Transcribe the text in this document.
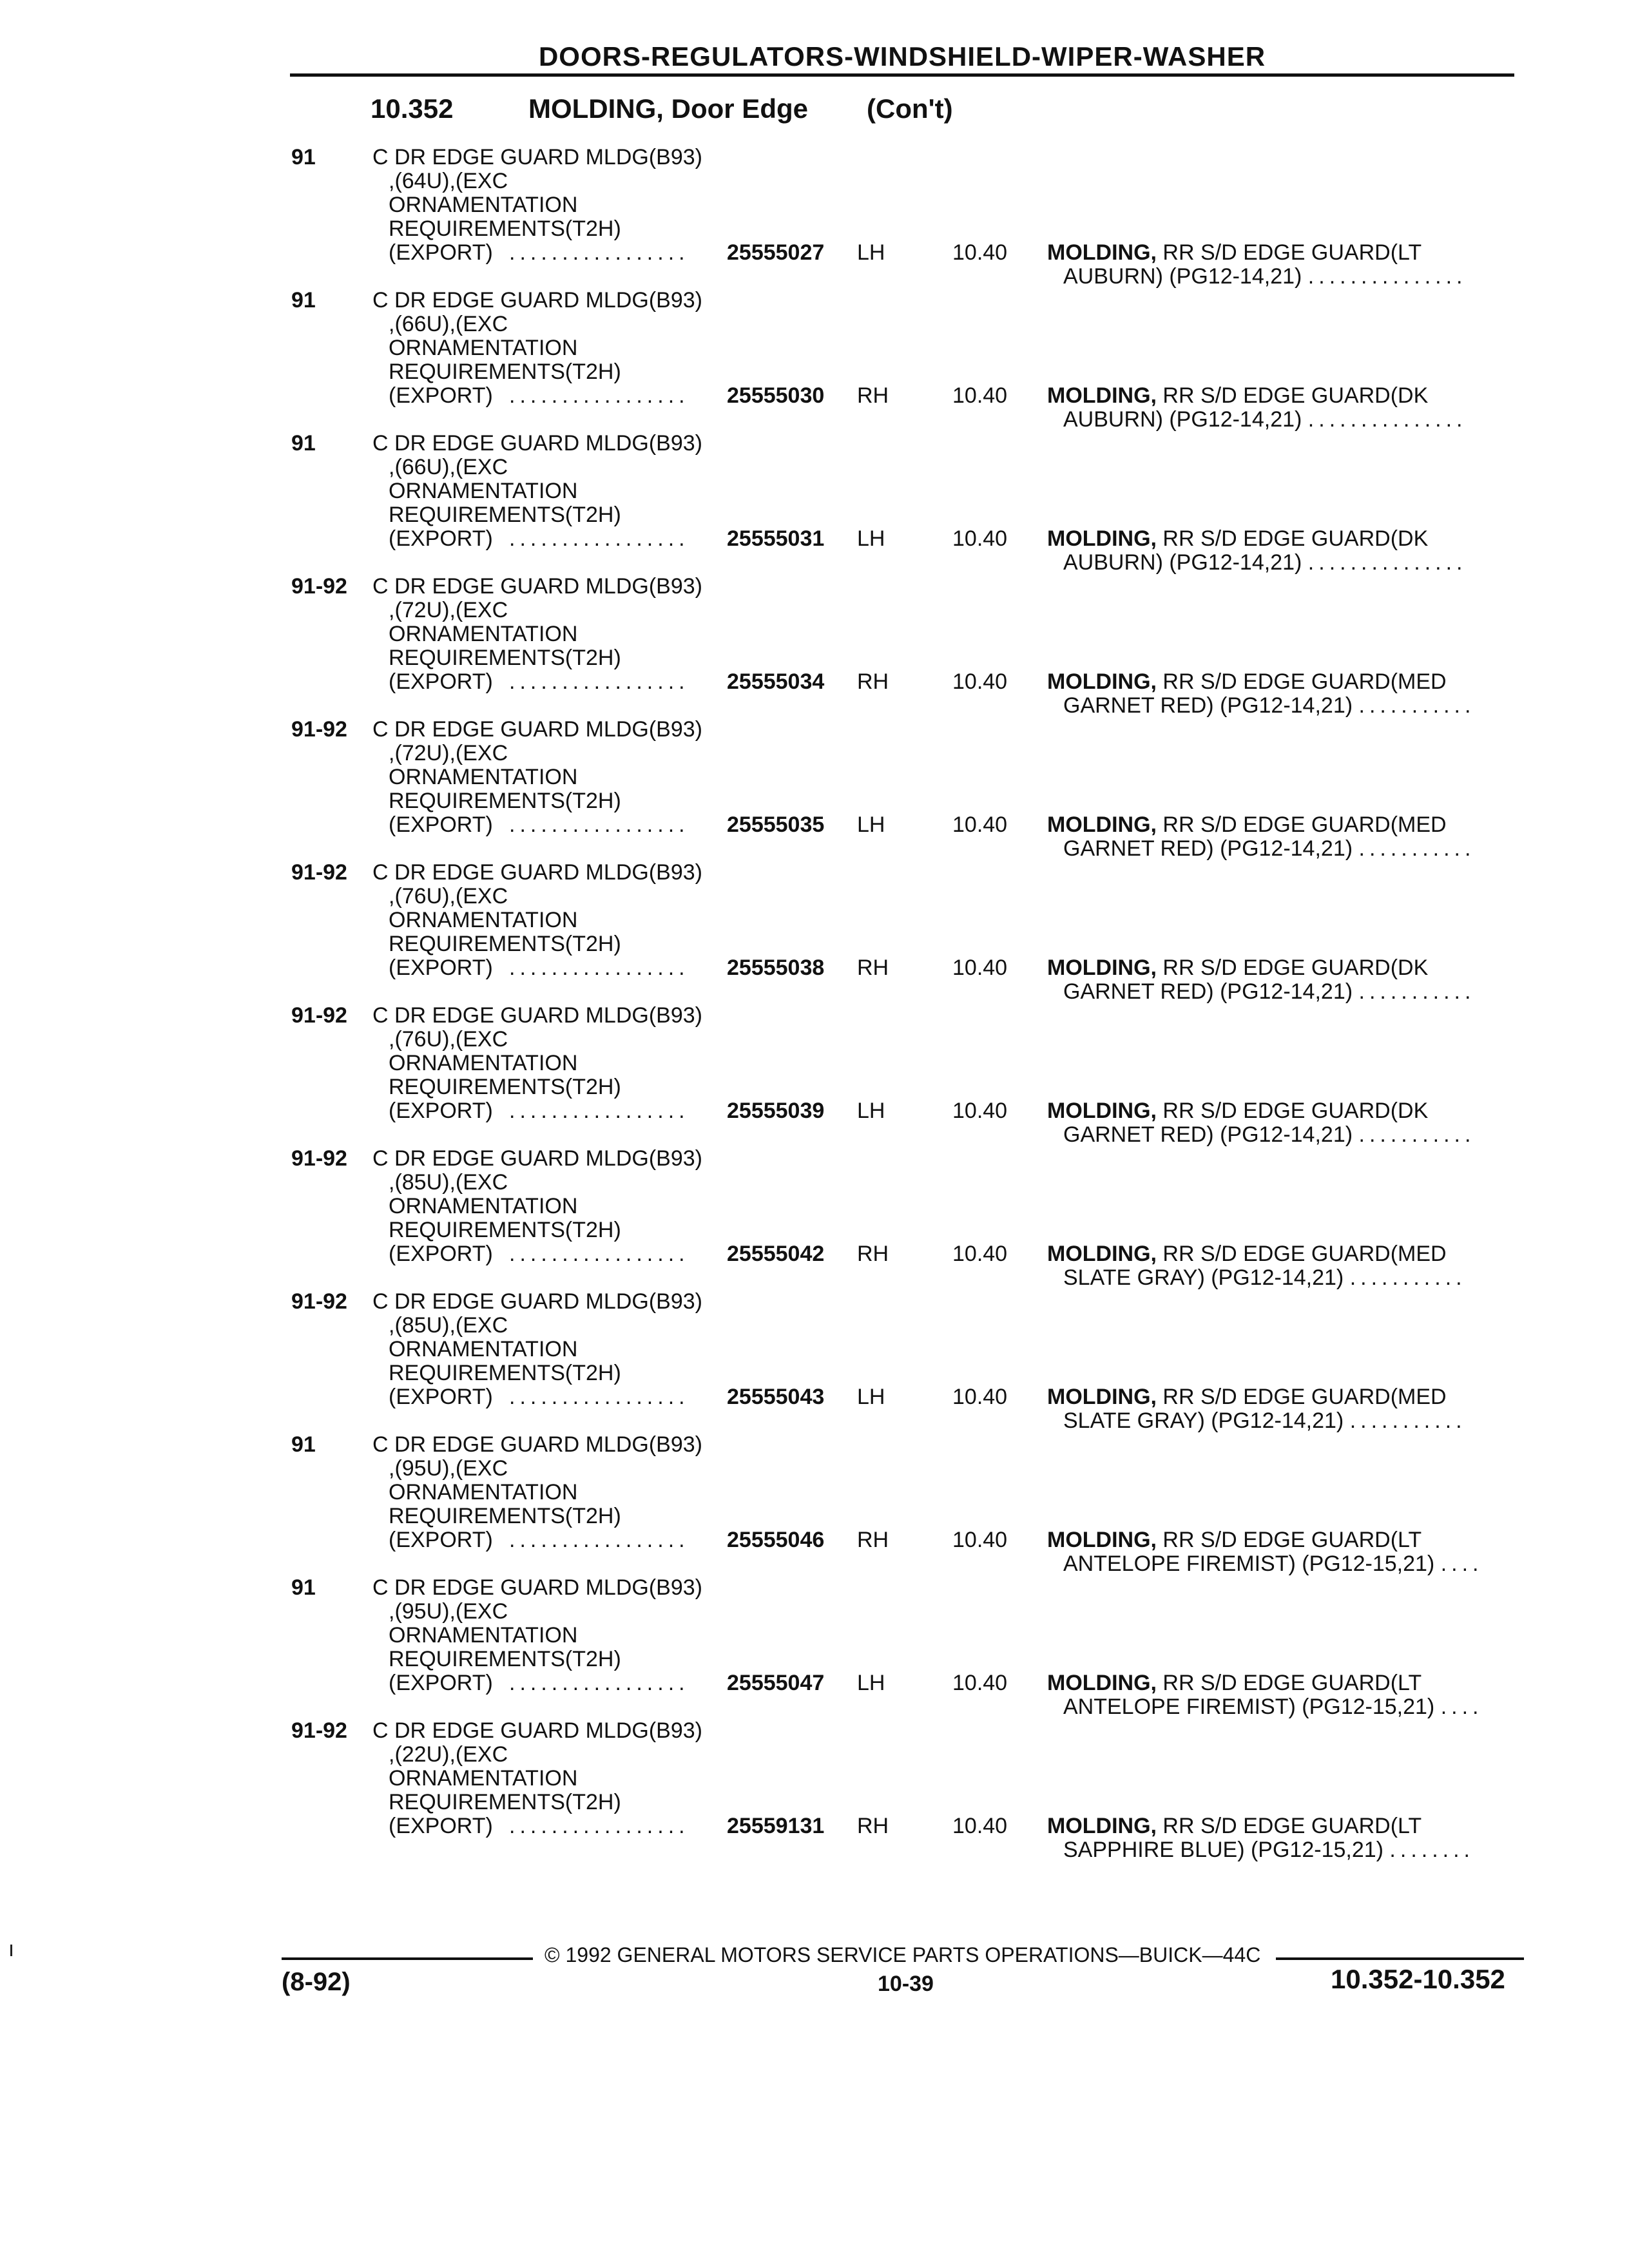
DOORS-REGULATORS-WINDSHIELD-WIPER-WASHER
10.352	MOLDING, Door Edge (Con't)
91	C DR EDGE GUARD MLDG(B93)
,(64U),(EXC
ORNAMENTATION
REQUIREMENTS(T2H)
(EXPORT) ................. 25555027 LH	10.40 MOLDING, RR S/D EDGE GUARD(LT
AUBURN) (PG12-14,21) ...............
91	C DR EDGE GUARD MLDG(B93)
,(66U),(EXC
ORNAMENTATION
REQUIREMENTS(T2H)
(EXPORT) ................. 25555030 RH	10.40 MOLDING, RR S/D EDGE GUARD(DK
AUBURN) (PG12-14,21) ...............
91	C DR EDGE GUARD MLDG(B93)
,(66U),(EXC
ORNAMENTATION
REQUIREMENTS(T2H)
(EXPORT) ................. 25555031 LH	10.40 MOLDING, RR S/D EDGE GUARD(DK
AUBURN) (PG12-14,21) ...............
91-92 C DR EDGE GUARD MLDG(B93)
,(72U),(EXC
ORNAMENTATION
REQUIREMENTS(T2H)
(EXPORT) ................. 25555034 RH	10.40 MOLDING, RR S/D EDGE GUARD(MED
GARNET RED) (PG12-14,21) ...........
91-92 C DR EDGE GUARD MLDG(B93)
,(72U),(EXC
ORNAMENTATION
REQUIREMENTS(T2H)
(EXPORT) ................. 25555035 LH	10.40 MOLDING, RR S/D EDGE GUARD(MED
GARNET RED) (PG12-14,21) ...........
91-92 C DR EDGE GUARD MLDG(B93)
,(76U),(EXC
ORNAMENTATION
REQUIREMENTS(T2H)
(EXPORT) ................. 25555038 RH	10.40 MOLDING, RR S/D EDGE GUARD(DK
GARNET RED) (PG12-14,21) ...........
91-92 C DR EDGE GUARD MLDG(B93)
,(76U),(EXC
ORNAMENTATION
REQUIREMENTS(T2H)
(EXPORT) ................. 25555039 LH	10.40 MOLDING, RR S/D EDGE GUARD(DK
GARNET RED) (PG12-14,21) ...........
91-92 C DR EDGE GUARD MLDG(B93)
,(85U),(EXC
ORNAMENTATION
REQUIREMENTS(T2H)
(EXPORT) ................. 25555042 RH	10.40 MOLDING, RR S/D EDGE GUARD(MED
SLATE GRAY) (PG12-14,21) ...........
91-92 C DR EDGE GUARD MLDG(B93)
,(85U),(EXC
ORNAMENTATION
REQUIREMENTS(T2H)
(EXPORT) ................. 25555043 LH	10.40 MOLDING, RR S/D EDGE GUARD(MED
SLATE GRAY) (PG12-14,21) ...........
91	C DR EDGE GUARD MLDG(B93)
,(95U),(EXC
ORNAMENTATION
REQUIREMENTS(T2H)
(EXPORT) ................. 25555046 RH	10.40 MOLDING, RR S/D EDGE GUARD(LT
ANTELOPE FIREMIST) (PG12-15,21) ....
91	C DR EDGE GUARD MLDG(B93)
,(95U),(EXC
ORNAMENTATION
REQUIREMENTS(T2H)
(EXPORT) ................. 25555047 LH	10.40 MOLDING, RR S/D EDGE GUARD(LT
ANTELOPE FIREMIST) (PG12-15,21) ....
91-92 C DR EDGE GUARD MLDG(B93)
,(22U),(EXC
ORNAMENTATION
REQUIREMENTS(T2H)
(EXPORT) ................. 25559131 RH	10.40 MOLDING, RR S/D EDGE GUARD(LT
SAPPHIRE BLUE) (PG12-15,21) ........
© 1992 GENERAL MOTORS SERVICE PARTS OPERATIONS—BUICK—44C
(8-92)	10-39	10.352-10.352
